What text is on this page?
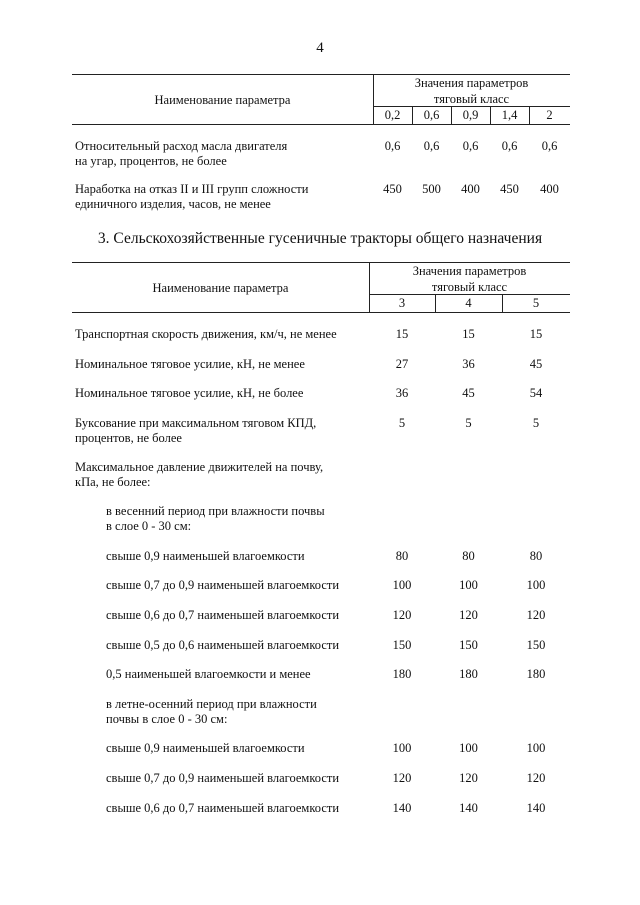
4
Наименование параметра
Значения параметров
тяговый класс
0,2	0,6	0,9	1,4	2
Относительный расход масла двигателя
на угар, процентов, не более
0,6	0,6	0,6	0,6	0,6
Наработка на отказ II и III групп сложности
единичного изделия, часов, не менее
450	500	400	450	400
3. Сельскохозяйственные гусеничные тракторы общего назначения
Наименование параметра
Значения параметров
тяговый класс
3	4	5
Транспортная скорость движения, км/ч, не менее	15	15	15
Номинальное тяговое усилие, кН, не менее	27	36	45
Номинальное тяговое усилие, кН, не более	36	45	54
Буксование при максимальном тяговом КПД,
процентов, не более
5	5	5
Максимальное давление движителей на почву,
кПа, не более:
в весенний период при влажности почвы
в слое 0 - 30 см:
свыше 0,9 наименьшей влагоемкости	80	80	80
свыше 0,7 до 0,9 наименьшей влагоемкости	100	100	100
свыше 0,6 до 0,7 наименьшей влагоемкости	120	120	120
свыше 0,5 до 0,6 наименьшей влагоемкости	150	150	150
0,5 наименьшей влагоемкости и менее	180	180	180
в летне-осенний период при влажности
почвы в слое 0 - 30 см:
свыше 0,9 наименьшей влагоемкости	100	100	100
свыше 0,7 до 0,9 наименьшей влагоемкости	120	120	120
свыше 0,6 до 0,7 наименьшей влагоемкости	140	140	140
